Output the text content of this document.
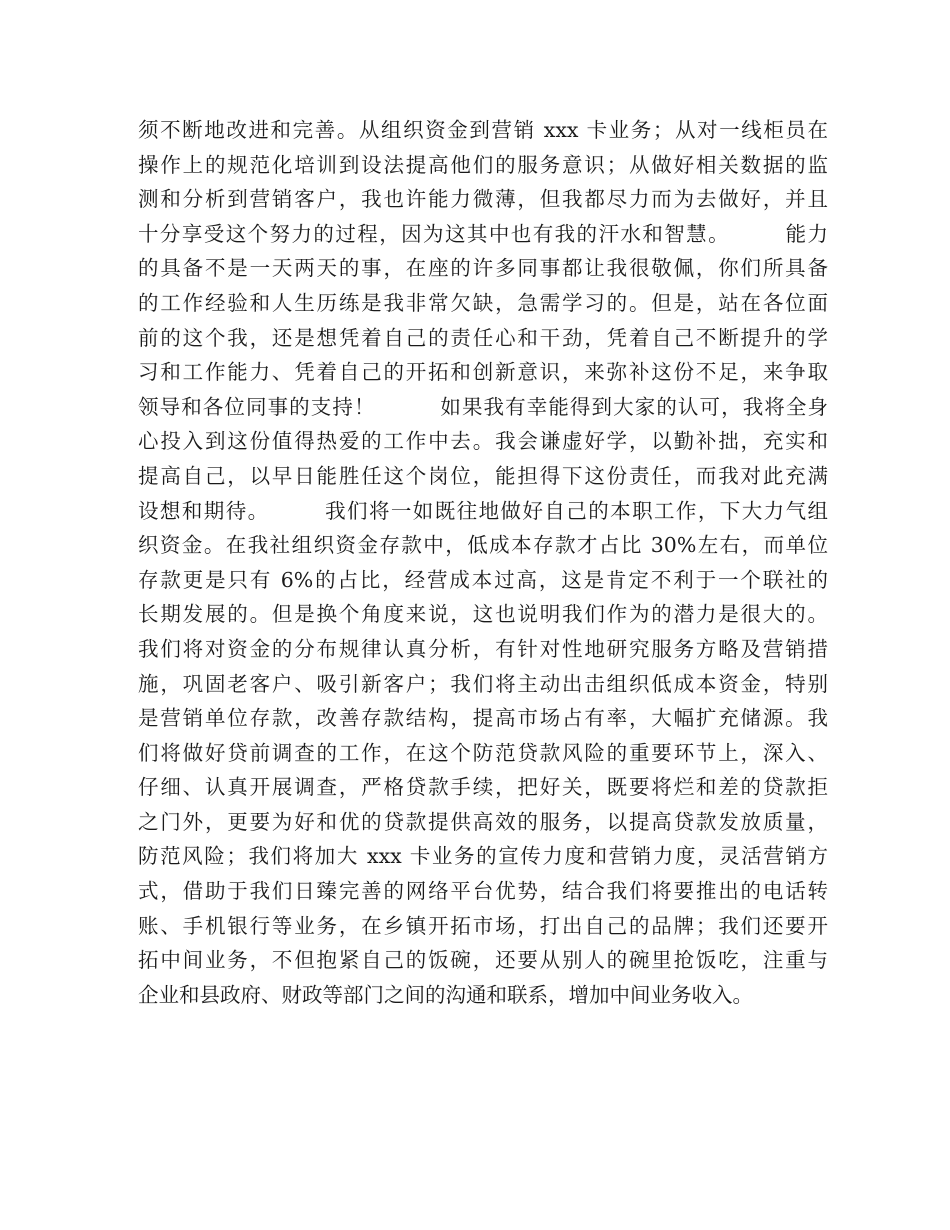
须不断地改进和完善。从组织资金到营销 xxx 卡业务；从对一线柜员在
操作上的规范化培训到设法提高他们的服务意识；从做好相关数据的监
测和分析到营销客户，我也许能力微薄，但我都尽力而为去做好，并且
十分享受这个努力的过程，因为这其中也有我的汗水和智慧。　　　能力
的具备不是一天两天的事，在座的许多同事都让我很敬佩，你们所具备
的工作经验和人生历练是我非常欠缺，急需学习的。但是，站在各位面
前的这个我，还是想凭着自己的责任心和干劲，凭着自己不断提升的学
习和工作能力、凭着自己的开拓和创新意识，来弥补这份不足，来争取
领导和各位同事的支持！　　　如果我有幸能得到大家的认可，我将全身
心投入到这份值得热爱的工作中去。我会谦虚好学，以勤补拙，充实和
提高自己，以早日能胜任这个岗位，能担得下这份责任，而我对此充满
设想和期待。　　　我们将一如既往地做好自己的本职工作，下大力气组
织资金。在我社组织资金存款中，低成本存款才占比 30%左右，而单位
存款更是只有 6%的占比，经营成本过高，这是肯定不利于一个联社的
长期发展的。但是换个角度来说，这也说明我们作为的潜力是很大的。
我们将对资金的分布规律认真分析，有针对性地研究服务方略及营销措
施，巩固老客户、吸引新客户；我们将主动出击组织低成本资金，特别
是营销单位存款，改善存款结构，提高市场占有率，大幅扩充储源。我
们将做好贷前调查的工作，在这个防范贷款风险的重要环节上，深入、
仔细、认真开展调查，严格贷款手续，把好关，既要将烂和差的贷款拒
之门外，更要为好和优的贷款提供高效的服务，以提高贷款发放质量，
防范风险；我们将加大 xxx 卡业务的宣传力度和营销力度，灵活营销方
式，借助于我们日臻完善的网络平台优势，结合我们将要推出的电话转
账、手机银行等业务，在乡镇开拓市场，打出自己的品牌；我们还要开
拓中间业务，不但抱紧自己的饭碗，还要从别人的碗里抢饭吃，注重与
企业和县政府、财政等部门之间的沟通和联系，增加中间业务收入。
